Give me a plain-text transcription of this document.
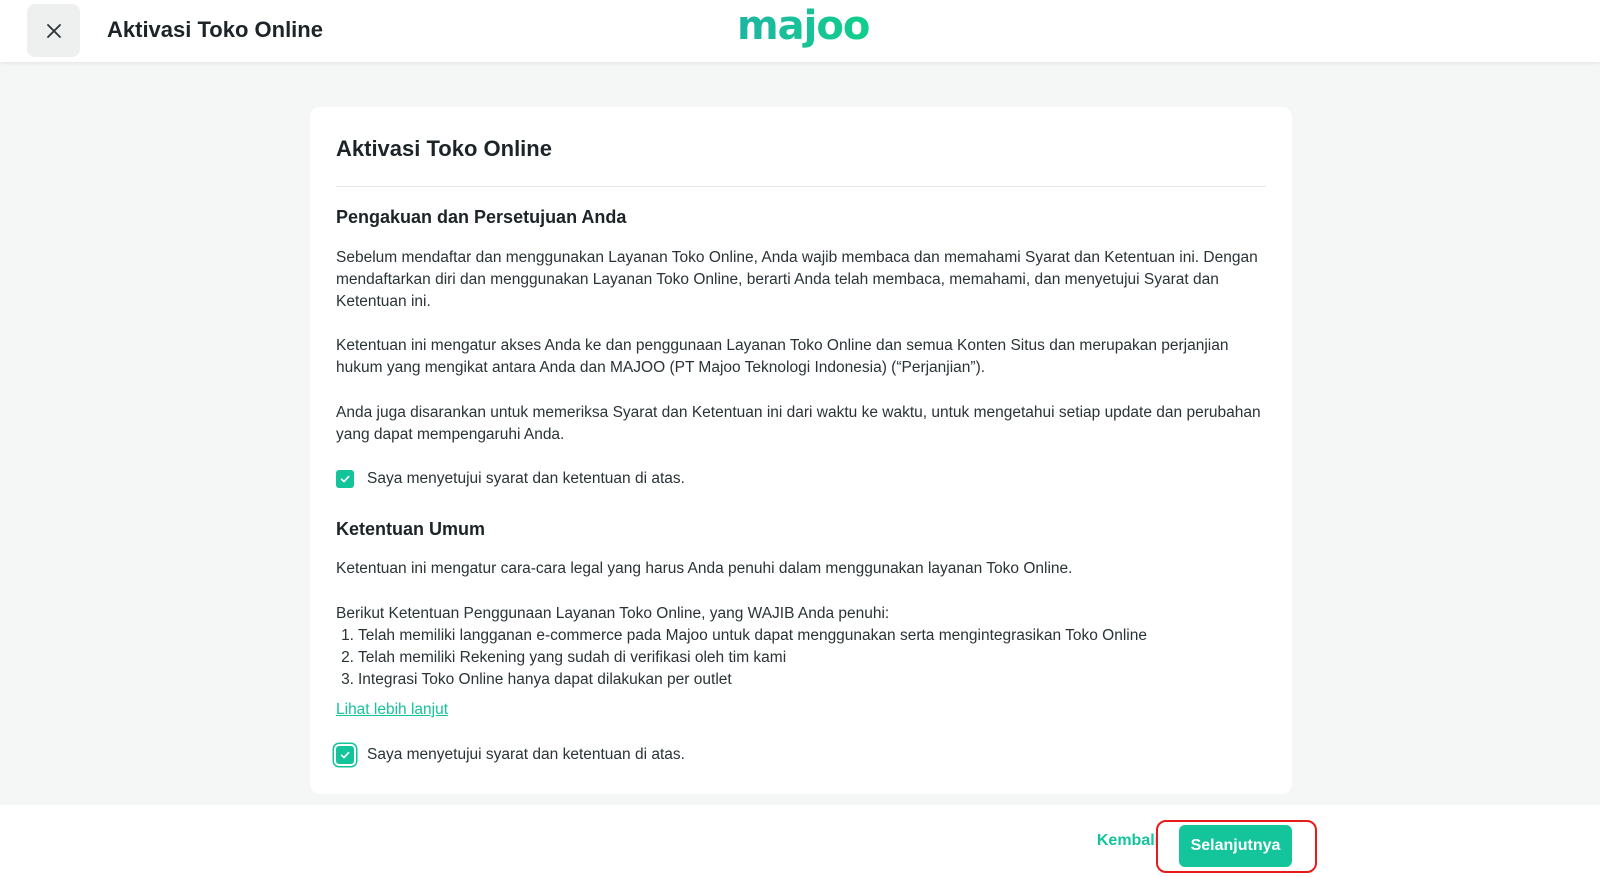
Aktivasi Toko Online	majoo
Aktivasi Toko Online
Pengakuan dan Persetujuan Anda
Sebelum mendaftar dan menggunakan Layanan Toko Online, Anda wajib membaca dan memahami Syarat dan Ketentuan ini. Dengan mendaftarkan diri dan menggunakan Layanan Toko Online, berarti Anda telah membaca, memahami, dan menyetujui Syarat dan Ketentuan ini.
Ketentuan ini mengatur akses Anda ke dan penggunaan Layanan Toko Online dan semua Konten Situs dan merupakan perjanjian hukum yang mengikat antara Anda dan MAJOO (PT Majoo Teknologi Indonesia) (“Perjanjian”).
Anda juga disarankan untuk memeriksa Syarat dan Ketentuan ini dari waktu ke waktu, untuk mengetahui setiap update dan perubahan yang dapat mempengaruhi Anda.
Saya menyetujui syarat dan ketentuan di atas.
Ketentuan Umum
Ketentuan ini mengatur cara-cara legal yang harus Anda penuhi dalam menggunakan layanan Toko Online.
Berikut Ketentuan Penggunaan Layanan Toko Online, yang WAJIB Anda penuhi:
1. Telah memiliki langganan e-commerce pada Majoo untuk dapat menggunakan serta mengintegrasikan Toko Online
2. Telah memiliki Rekening yang sudah di verifikasi oleh tim kami
3. Integrasi Toko Online hanya dapat dilakukan per outlet
Lihat lebih lanjut
Saya menyetujui syarat dan ketentuan di atas.
Kembali	Selanjutnya
